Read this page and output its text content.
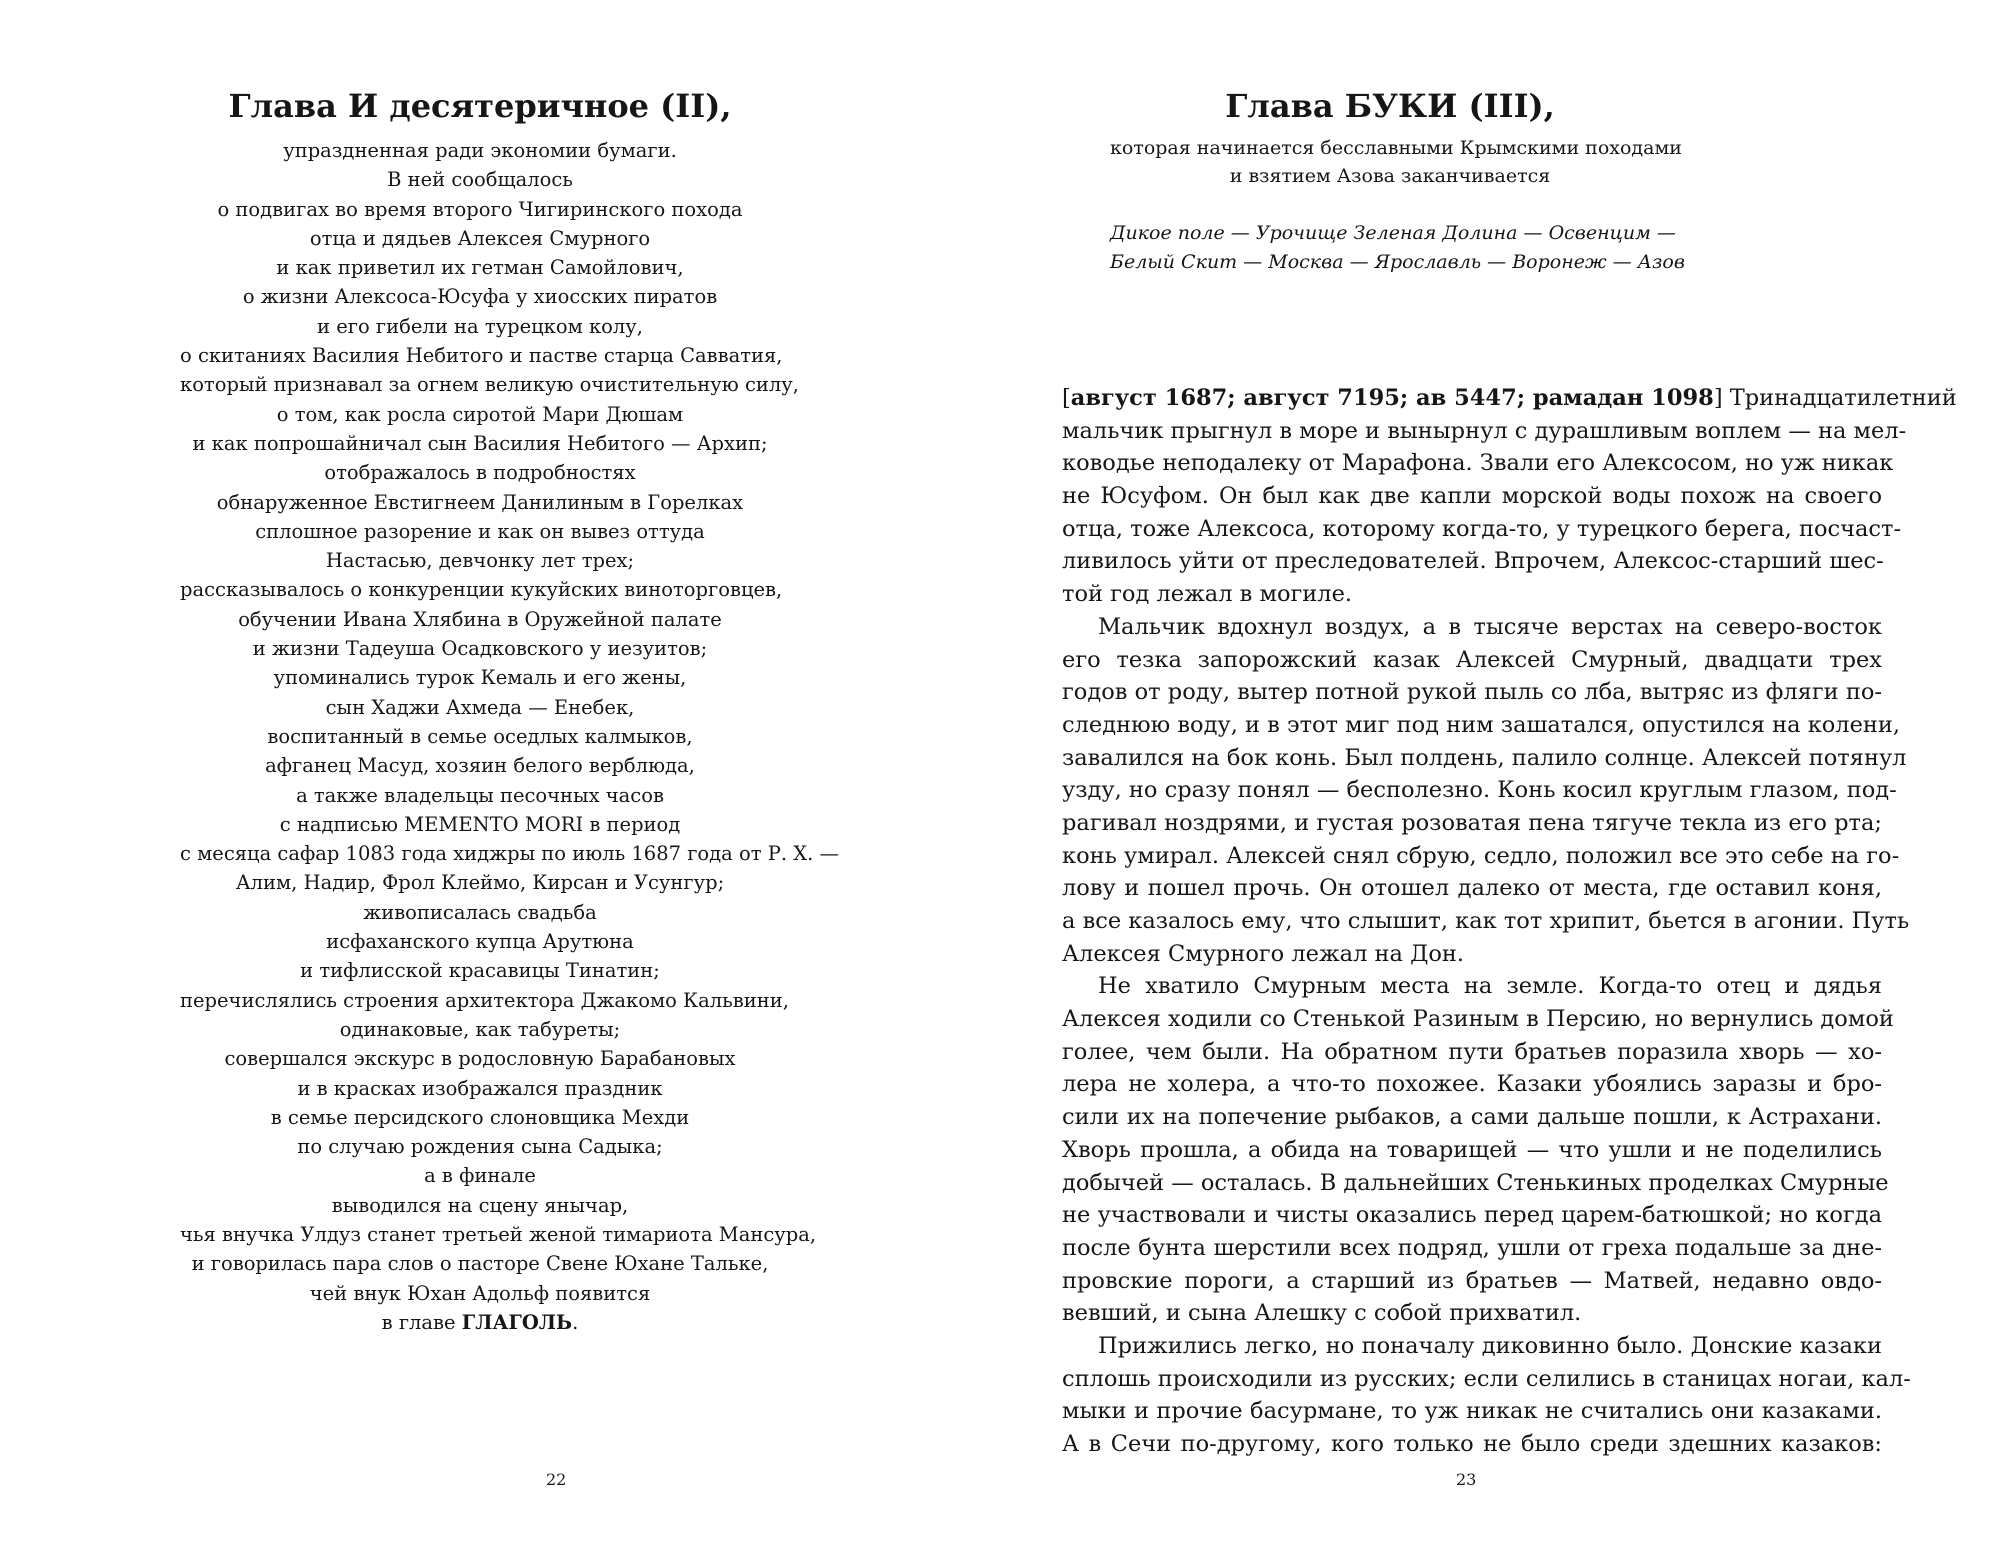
Глава И десятеричное (II),
упраздненная ради экономии бумаги.
В ней сообщалось
о подвигах во время второго Чигиринского похода
отца и дядьев Алексея Смурного
и как приветил их гетман Самойлович,
о жизни Алексоса-Юсуфа у хиосских пиратов
и его гибели на турецком колу,
о скитаниях Василия Небитого и пастве старца Савватия,
который признавал за огнем великую очистительную силу,
о том, как росла сиротой Мари Дюшам
и как попрошайничал сын Василия Небитого — Архип;
отображалось в подробностях
обнаруженное Евстигнеем Данилиным в Горелках
сплошное разорение и как он вывез оттуда
Настасью, девчонку лет трех;
рассказывалось о конкуренции кукуйских виноторговцев,
обучении Ивана Хлябина в Оружейной палате
и жизни Тадеуша Осадковского у иезуитов;
упоминались турок Кемаль и его жены,
сын Хаджи Ахмеда — Енебек,
воспитанный в семье оседлых калмыков,
афганец Масуд, хозяин белого верблюда,
а также владельцы песочных часов
с надписью MEMENTO MORI в период
с месяца сафар 1083 года хиджры по июль 1687 года от Р. Х. —
Алим, Надир, Фрол Клеймо, Кирсан и Усунгур;
живописалась свадьба
исфаханского купца Арутюна
и тифлисской красавицы Тинатин;
перечислялись строения архитектора Джакомо Кальвини,
одинаковые, как табуреты;
совершался экскурс в родословную Барабановых
и в красках изображался праздник
в семье персидского слоновщика Мехди
по случаю рождения сына Садыка;
а в финале
выводился на сцену янычар,
чья внучка Улдуз станет третьей женой тимариота Мансура,
и говорилась пара слов о пасторе Свене Юхане Тальке,
чей внук Юхан Адольф появится
в главе ГЛАГОЛЬ.
22
Глава БУКИ (III),
которая начинается бесславными Крымскими походами
и взятием Азова заканчивается
Дикое поле — Урочище Зеленая Долина — Освенцим —
Белый Скит — Москва — Ярославль — Воронеж — Азов
[август 1687; август 7195; ав 5447; рамадан 1098] Тринадцатилетний
мальчик прыгнул в море и вынырнул с дурашливым воплем — на мел-
ководье неподалеку от Марафона. Звали его Алексосом, но уж никак
не Юсуфом. Он был как две капли морской воды похож на своего
отца, тоже Алексоса, которому когда-то, у турецкого берега, посчаст-
ливилось уйти от преследователей. Впрочем, Алексос-старший шес-
той год лежал в могиле.
Мальчик вдохнул воздух, а в тысяче верстах на северо-восток
его тезка запорожский казак Алексей Смурный, двадцати трех
годов от роду, вытер потной рукой пыль со лба, вытряс из фляги по-
следнюю воду, и в этот миг под ним зашатался, опустился на колени,
завалился на бок конь. Был полдень, палило солнце. Алексей потянул
узду, но сразу понял — бесполезно. Конь косил круглым глазом, под-
рагивал ноздрями, и густая розоватая пена тягуче текла из его рта;
конь умирал. Алексей снял сбрую, седло, положил все это себе на го-
лову и пошел прочь. Он отошел далеко от места, где оставил коня,
а все казалось ему, что слышит, как тот хрипит, бьется в агонии. Путь
Алексея Смурного лежал на Дон.
Не хватило Смурным места на земле. Когда-то отец и дядья
Алексея ходили со Стенькой Разиным в Персию, но вернулись домой
голее, чем были. На обратном пути братьев поразила хворь — хо-
лера не холера, а что-то похожее. Казаки убоялись заразы и бро-
сили их на попечение рыбаков, а сами дальше пошли, к Астрахани.
Хворь прошла, а обида на товарищей — что ушли и не поделились
добычей — осталась. В дальнейших Стенькиных проделках Смурные
не участвовали и чисты оказались перед царем-батюшкой; но когда
после бунта шерстили всех подряд, ушли от греха подальше за дне-
провские пороги, а старший из братьев — Матвей, недавно овдо-
вевший, и сына Алешку с собой прихватил.
Прижились легко, но поначалу диковинно было. Донские казаки
сплошь происходили из русских; если селились в станицах ногаи, кал-
мыки и прочие басурмане, то уж никак не считались они казаками.
А в Сечи по-другому, кого только не было среди здешних казаков:
23
